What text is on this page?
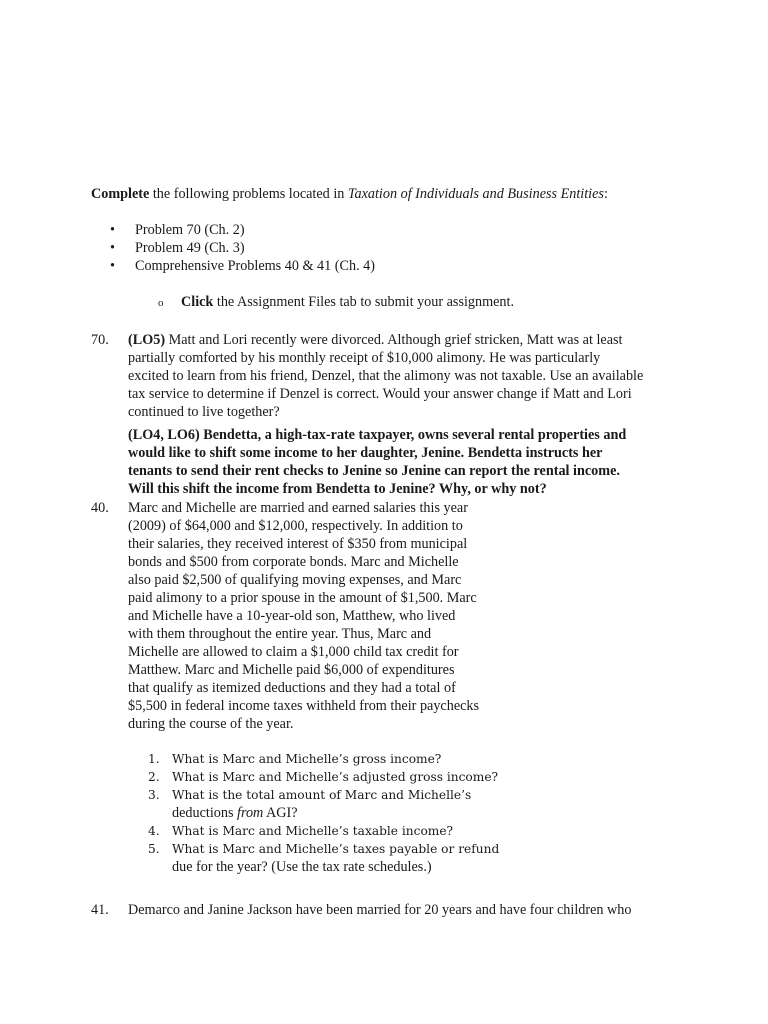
Complete the following problems located in Taxation of Individuals and Business Entities:
• Problem 70 (Ch. 2)
• Problem 49 (Ch. 3)
• Comprehensive Problems 40 & 41 (Ch. 4)
o Click the Assignment Files tab to submit your assignment.
70. (LO5) Matt and Lori recently were divorced. Although grief stricken, Matt was at least
partially comforted by his monthly receipt of $10,000 alimony. He was particularly
excited to learn from his friend, Denzel, that the alimony was not taxable. Use an available
tax service to determine if Denzel is correct. Would your answer change if Matt and Lori
continued to live together?
(LO4, LO6) Bendetta, a high-tax-rate taxpayer, owns several rental properties and
would like to shift some income to her daughter, Jenine. Bendetta instructs her
tenants to send their rent checks to Jenine so Jenine can report the rental income.
Will this shift the income from Bendetta to Jenine? Why, or why not?
40. Marc and Michelle are married and earned salaries this year
(2009) of $64,000 and $12,000, respectively. In addition to
their salaries, they received interest of $350 from municipal
bonds and $500 from corporate bonds. Marc and Michelle
also paid $2,500 of qualifying moving expenses, and Marc
paid alimony to a prior spouse in the amount of $1,500. Marc
and Michelle have a 10-year-old son, Matthew, who lived
with them throughout the entire year. Thus, Marc and
Michelle are allowed to claim a $1,000 child tax credit for
Matthew. Marc and Michelle paid $6,000 of expenditures
that qualify as itemized deductions and they had a total of
$5,500 in federal income taxes withheld from their paychecks
during the course of the year.
1. What is Marc and Michelle’s gross income?
2. What is Marc and Michelle’s adjusted gross income?
3. What is the total amount of Marc and Michelle’s
deductions from AGI?
4. What is Marc and Michelle’s taxable income?
5. What is Marc and Michelle’s taxes payable or refund
due for the year? (Use the tax rate schedules.)
41. Demarco and Janine Jackson have been married for 20 years and have four children who
